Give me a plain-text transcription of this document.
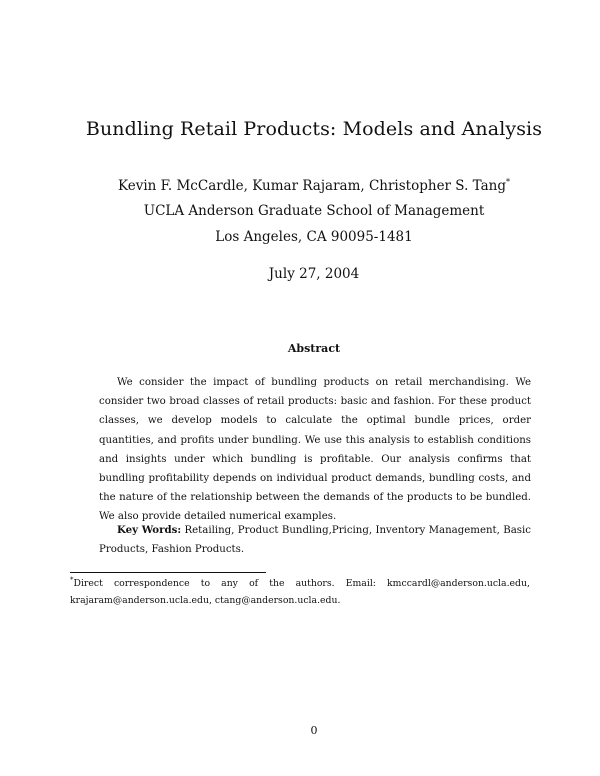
Bundling Retail Products: Models and Analysis
Kevin F. McCardle, Kumar Rajaram, Christopher S. Tang*
UCLA Anderson Graduate School of Management
Los Angeles, CA 90095-1481
July 27, 2004
Abstract
We consider the impact of bundling products on retail merchandising. We consider two broad classes of retail products: basic and fashion. For these product classes, we develop models to calculate the optimal bundle prices, order quantities, and profits under bundling. We use this analysis to establish conditions and insights under which bundling is profitable. Our analysis confirms that bundling profitability depends on individual product demands, bundling costs, and the nature of the relationship between the demands of the products to be bundled. We also provide detailed numerical examples.
Key Words: Retailing, Product Bundling,Pricing, Inventory Management, Basic Products, Fashion Products.
*Direct correspondence to any of the authors. Email: kmccardl@anderson.ucla.edu,
krajaram@anderson.ucla.edu, ctang@anderson.ucla.edu.
0
